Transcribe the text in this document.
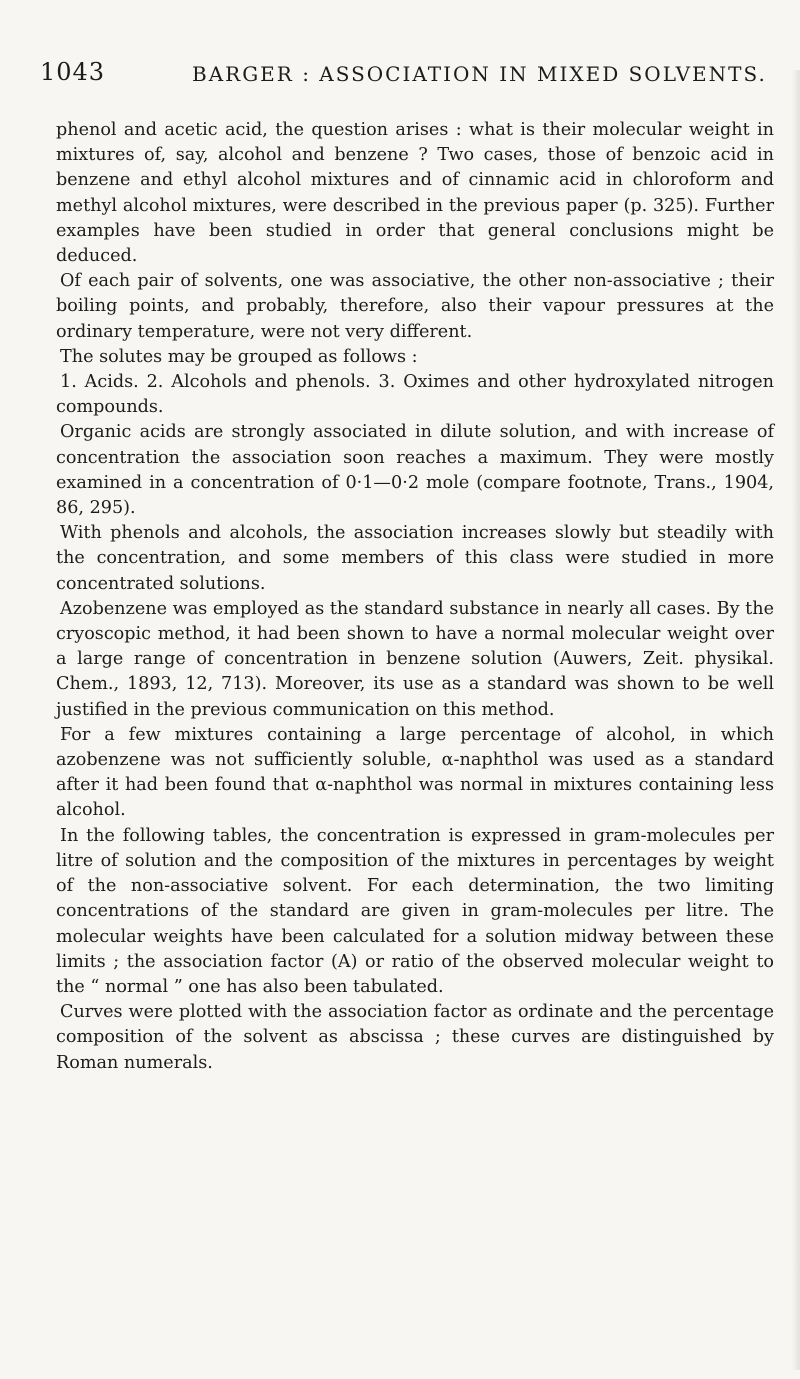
1043	BARGER : ASSOCIATION IN MIXED SOLVENTS.

phenol and acetic acid, the question arises : what is their molecular weight in mixtures of, say, alcohol and benzene ? Two cases, those of benzoic acid in benzene and ethyl alcohol mixtures and of cinnamic acid in chloroform and methyl alcohol mixtures, were described in the previous paper (p. 325). Further examples have been studied in order that general conclusions might be deduced.

Of each pair of solvents, one was associative, the other non-associative ; their boiling points, and probably, therefore, also their vapour pressures at the ordinary temperature, were not very different.

The solutes may be grouped as follows :

1. Acids. 2. Alcohols and phenols. 3. Oximes and other hydroxylated nitrogen compounds.

Organic acids are strongly associated in dilute solution, and with increase of concentration the association soon reaches a maximum. They were mostly examined in a concentration of 0·1—0·2 mole (compare footnote, Trans., 1904, 86, 295).

With phenols and alcohols, the association increases slowly but steadily with the concentration, and some members of this class were studied in more concentrated solutions.

Azobenzene was employed as the standard substance in nearly all cases. By the cryoscopic method, it had been shown to have a normal molecular weight over a large range of concentration in benzene solution (Auwers, Zeit. physikal. Chem., 1893, 12, 713). Moreover, its use as a standard was shown to be well justified in the previous communication on this method.

For a few mixtures containing a large percentage of alcohol, in which azobenzene was not sufficiently soluble, α-naphthol was used as a standard after it had been found that α-naphthol was normal in mixtures containing less alcohol.

In the following tables, the concentration is expressed in gram-molecules per litre of solution and the composition of the mixtures in percentages by weight of the non-associative solvent. For each determination, the two limiting concentrations of the standard are given in gram-molecules per litre. The molecular weights have been calculated for a solution midway between these limits ; the association factor (A) or ratio of the observed molecular weight to the “ normal ” one has also been tabulated.

Curves were plotted with the association factor as ordinate and the percentage composition of the solvent as abscissa ; these curves are distinguished by Roman numerals.
